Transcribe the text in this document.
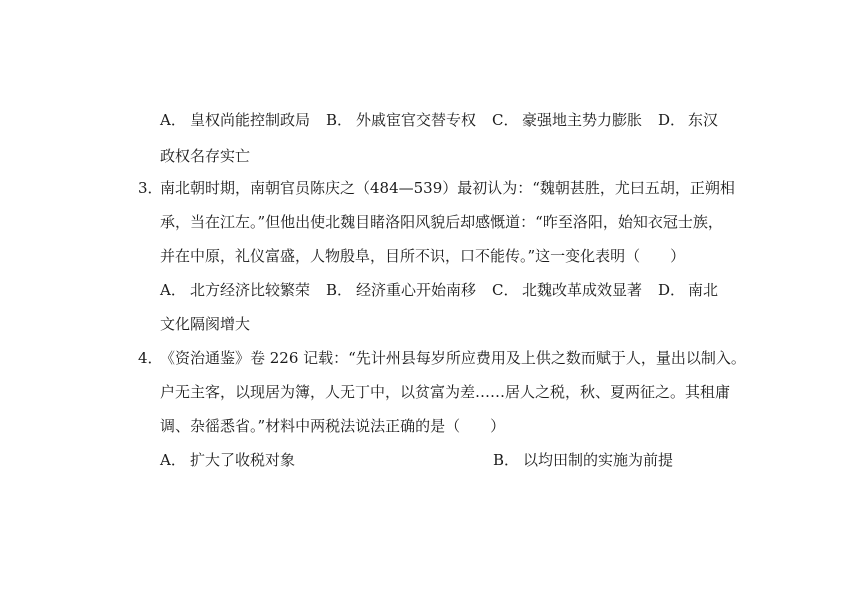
A． 皇权尚能控制政局 B． 外戚宦官交替专权 C． 豪强地主势力膨胀 D． 东汉
政权名存实亡
3．南北朝时期，南朝官员陈庆之（484—539）最初认为：“魏朝甚胜，尤曰五胡，正朔相
承，当在江左。”但他出使北魏目睹洛阳风貌后却感慨道：“昨至洛阳，始知衣冠士族，
并在中原，礼仪富盛，人物殷阜，目所不识，口不能传。”这一变化表明（　　）
A． 北方经济比较繁荣 B． 经济重心开始南移 C． 北魏改革成效显著 D． 南北
文化隔阂增大
4．《资治通鉴》卷 226 记载：“先计州县每岁所应费用及上供之数而赋于人，量出以制入。
户无主客，以现居为簿，人无丁中，以贫富为差……居人之税，秋、夏两征之。其租庸
调、杂徭悉省。”材料中两税法说法正确的是（　　）
A． 扩大了收税对象	B． 以均田制的实施为前提
